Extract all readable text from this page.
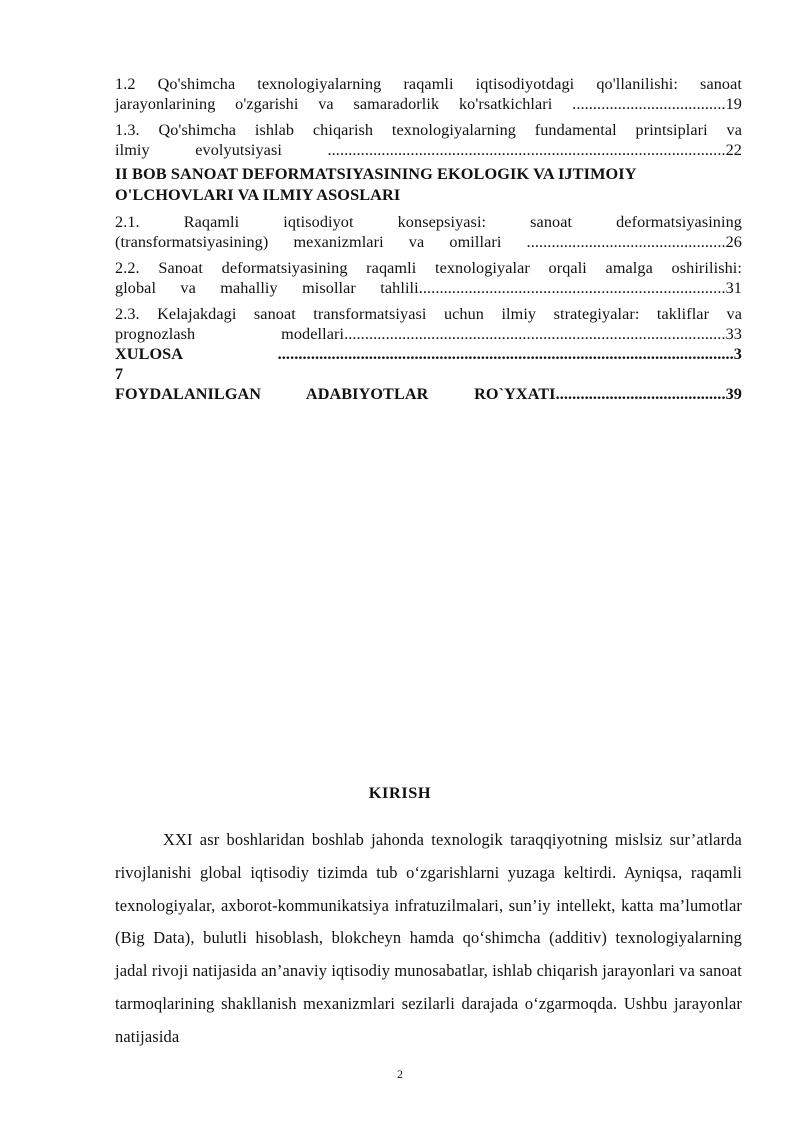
1.2 Qo'shimcha texnologiyalarning raqamli iqtisodiyotdagi qo'llanilishi: sanoat

jarayonlarining o'zgarishi va samaradorlik ko'rsatkichlari .....................................19

1.3. Qo'shimcha ishlab chiqarish texnologiyalarning fundamental printsiplari va

ilmiy evolyutsiyasi ................................................................................................22

II BOB SANOAT DEFORMATSIYASINING EKOLOGIK VA IJTIMOIY

O'LCHOVLARI VA ILMIY ASOSLARI

2.1. Raqamli iqtisodiyot konsepsiyasi: sanoat deformatsiyasining

(transformatsiyasining) mexanizmlari va omillari ................................................26

2.2. Sanoat deformatsiyasining raqamli texnologiyalar orqali amalga oshirilishi:

global va mahalliy misollar tahlili..........................................................................31

2.3. Kelajakdagi sanoat transformatsiyasi uchun ilmiy strategiyalar: takliflar va

prognozlash modellari............................................................................................33

XULOSA ..............................................................................................................3

7

FOYDALANILGAN ADABIYOTLAR RO`YXATI.........................................39

KIRISH

XXI asr boshlaridan boshlab jahonda texnologik taraqqiyotning mislsiz sur’atlarda rivojlanishi global iqtisodiy tizimda tub o‘zgarishlarni yuzaga keltirdi. Ayniqsa, raqamli texnologiyalar, axborot-kommunikatsiya infratuzilmalari, sun’iy intellekt, katta ma’lumotlar (Big Data), bulutli hisoblash, blokcheyn hamda qo‘shimcha (additiv) texnologiyalarning jadal rivoji natijasida an’anaviy iqtisodiy munosabatlar, ishlab chiqarish jarayonlari va sanoat tarmoqlarining shakllanish mexanizmlari sezilarli darajada o‘zgarmoqda. Ushbu jarayonlar natijasida

2
